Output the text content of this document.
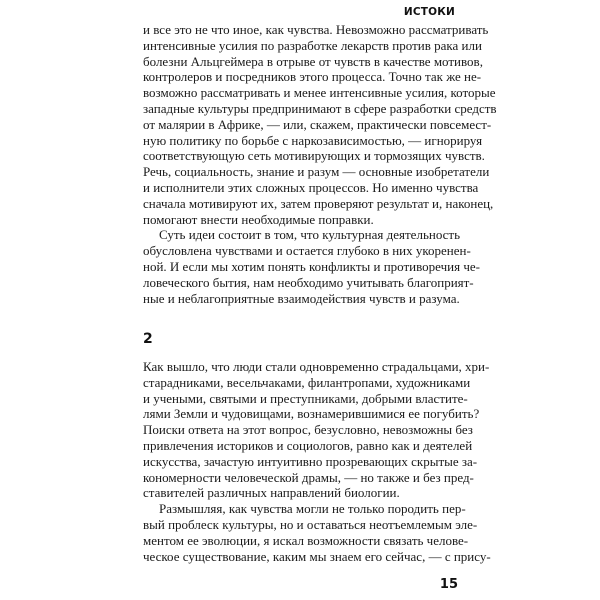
ИСТОКИ
и все это не что иное, как чувства. Невозможно рассматривать
интенсивные усилия по разработке лекарств против рака или
болезни Альцгеймера в отрыве от чувств в качестве мотивов,
контролеров и посредников этого процесса. Точно так же не-
возможно рассматривать и менее интенсивные усилия, которые
западные культуры предпринимают в сфере разработки средств
от малярии в Африке, — или, скажем, практически повсемест-
ную политику по борьбе с наркозависимостью, — игнорируя
соответствующую сеть мотивирующих и тормозящих чувств.
Речь, социальность, знание и разум — основные изобретатели
и исполнители этих сложных процессов. Но именно чувства
сначала мотивируют их, затем проверяют результат и, наконец,
помогают внести необходимые поправки.
Суть идеи состоит в том, что культурная деятельность
обусловлена чувствами и остается глубоко в них укоренен-
ной. И если мы хотим понять конфликты и противоречия че-
ловеческого бытия, нам необходимо учитывать благоприят-
ные и неблагоприятные взаимодействия чувств и разума.
2
Как вышло, что люди стали одновременно страдальцами, хри-
старадниками, весельчаками, филантропами, художниками
и учеными, святыми и преступниками, добрыми властите-
лями Земли и чудовищами, вознамерившимися ее погубить?
Поиски ответа на этот вопрос, безусловно, невозможны без
привлечения историков и социологов, равно как и деятелей
искусства, зачастую интуитивно прозревающих скрытые за-
кономерности человеческой драмы, — но также и без пред-
ставителей различных направлений биологии.
Размышляя, как чувства могли не только породить пер-
вый проблеск культуры, но и оставаться неотъемлемым эле-
ментом ее эволюции, я искал возможности связать челове-
ческое существование, каким мы знаем его сейчас, — с прису-
15
